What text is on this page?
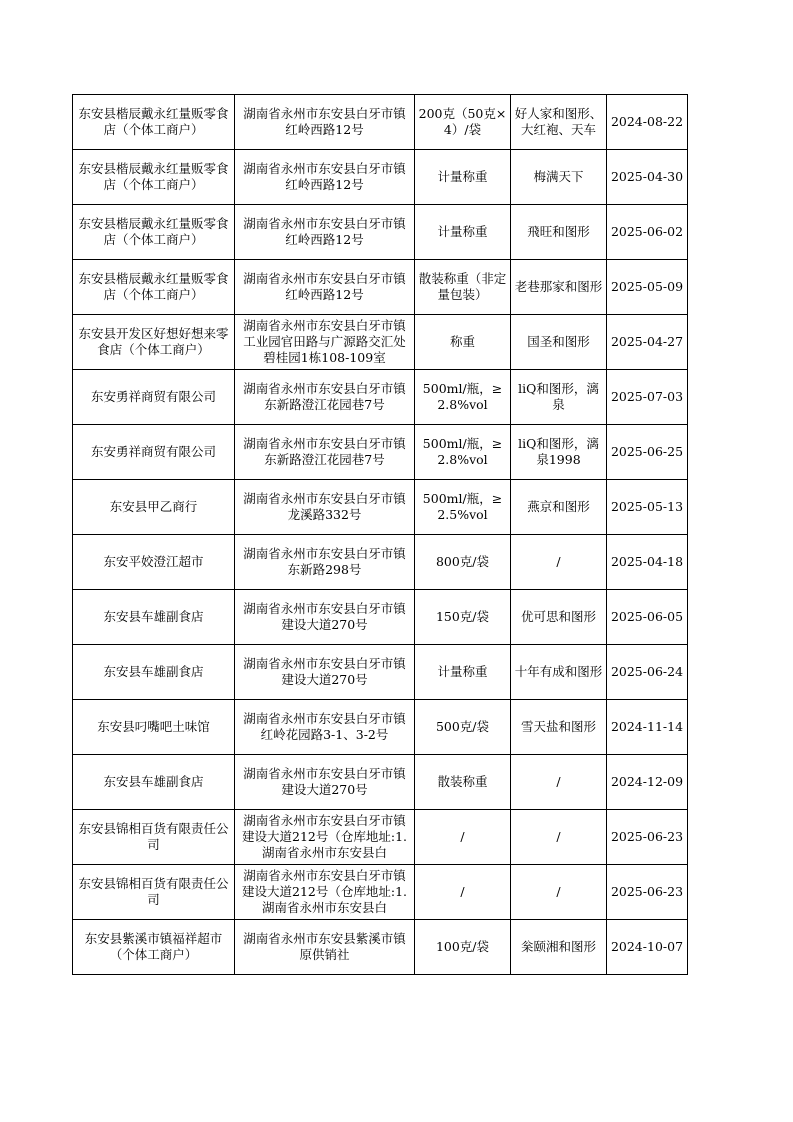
东安县楷辰戴永红量贩零食店（个体工商户）	湖南省永州市东安县白牙市镇红岭西路12号	200克（50克×4）/袋	好人家和图形、大红袍、天车	2024-08-22
东安县楷辰戴永红量贩零食店（个体工商户）	湖南省永州市东安县白牙市镇红岭西路12号	计量称重	梅满天下	2025-04-30
东安县楷辰戴永红量贩零食店（个体工商户）	湖南省永州市东安县白牙市镇红岭西路12号	计量称重	飛旺和图形	2025-06-02
东安县楷辰戴永红量贩零食店（个体工商户）	湖南省永州市东安县白牙市镇红岭西路12号	散装称重（非定量包装）	老巷那家和图形	2025-05-09
东安县开发区好想好想来零食店（个体工商户）	湖南省永州市东安县白牙市镇工业园官田路与广源路交汇处碧桂园1栋108-109室	称重	国圣和图形	2025-04-27
东安勇祥商贸有限公司	湖南省永州市东安县白牙市镇东新路澄江花园巷7号	500ml/瓶，≥2.8%vol	liQ和图形，漓泉	2025-07-03
东安勇祥商贸有限公司	湖南省永州市东安县白牙市镇东新路澄江花园巷7号	500ml/瓶，≥2.8%vol	liQ和图形，漓泉1998	2025-06-25
东安县甲乙商行	湖南省永州市东安县白牙市镇龙溪路332号	500ml/瓶，≥2.5%vol	燕京和图形	2025-05-13
东安平姣澄江超市	湖南省永州市东安县白牙市镇东新路298号	800克/袋	/	2025-04-18
东安县车雄副食店	湖南省永州市东安县白牙市镇建设大道270号	150克/袋	优可思和图形	2025-06-05
东安县车雄副食店	湖南省永州市东安县白牙市镇建设大道270号	计量称重	十年有成和图形	2025-06-24
东安县叼嘴吧土味馆	湖南省永州市东安县白牙市镇红岭花园路3-1、3-2号	500克/袋	雪天盐和图形	2024-11-14
东安县车雄副食店	湖南省永州市东安县白牙市镇建设大道270号	散装称重	/	2024-12-09
东安县锦相百货有限责任公司	湖南省永州市东安县白牙市镇建设大道212号（仓库地址:1.湖南省永州市东安县白	/	/	2025-06-23
东安县锦相百货有限责任公司	湖南省永州市东安县白牙市镇建设大道212号（仓库地址:1.湖南省永州市东安县白	/	/	2025-06-23
东安县紫溪市镇福祥超市（个体工商户）	湖南省永州市东安县紫溪市镇原供销社	100克/袋	枀颐湘和图形	2024-10-07
